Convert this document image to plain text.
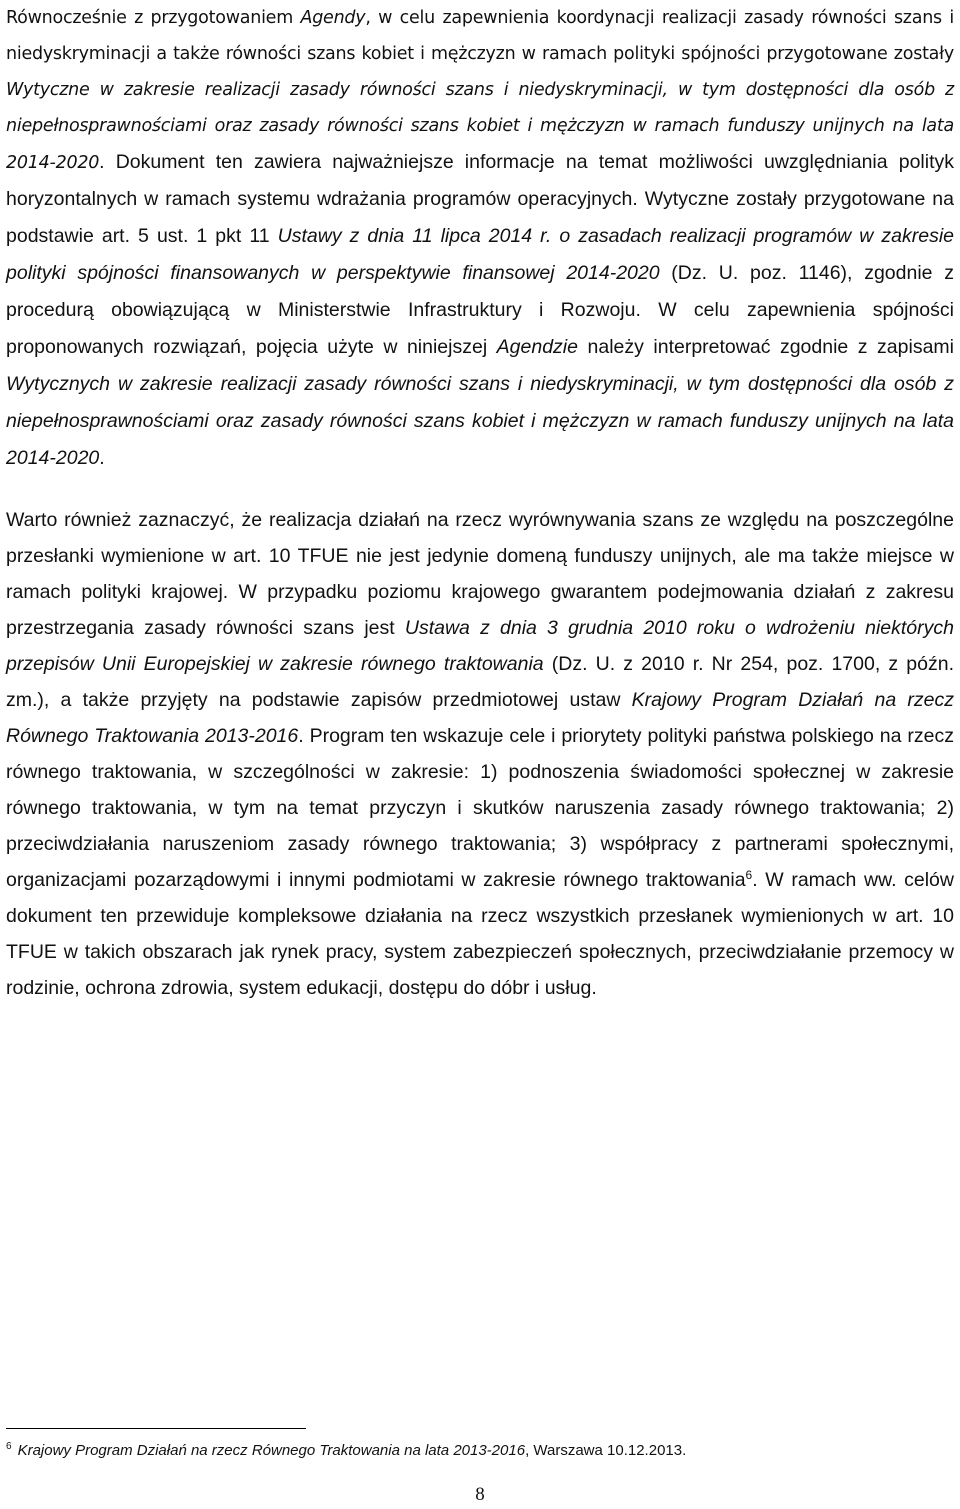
Równocześnie z przygotowaniem Agendy, w celu zapewnienia koordynacji realizacji zasady równości szans i niedyskryminacji a także równości szans kobiet i mężczyzn w ramach polityki spójności przygotowane zostały Wytyczne w zakresie realizacji zasady równości szans i niedyskryminacji, w tym dostępności dla osób z niepełnosprawnościami oraz zasady równości szans kobiet i mężczyzn w ramach funduszy unijnych na lata 2014-2020. Dokument ten zawiera najważniejsze informacje na temat możliwości uwzględniania polityk horyzontalnych w ramach systemu wdrażania programów operacyjnych. Wytyczne zostały przygotowane na podstawie art. 5 ust. 1 pkt 11 Ustawy z dnia 11 lipca 2014 r. o zasadach realizacji programów w zakresie polityki spójności finansowanych w perspektywie finansowej 2014-2020 (Dz. U. poz. 1146), zgodnie z procedurą obowiązującą w Ministerstwie Infrastruktury i Rozwoju. W celu zapewnienia spójności proponowanych rozwiązań, pojęcia użyte w niniejszej Agendzie należy interpretować zgodnie z zapisami Wytycznych w zakresie realizacji zasady równości szans i niedyskryminacji, w tym dostępności dla osób z niepełnosprawnościami oraz zasady równości szans kobiet i mężczyzn w ramach funduszy unijnych na lata 2014-2020.

Warto również zaznaczyć, że realizacja działań na rzecz wyrównywania szans ze względu na poszczególne przesłanki wymienione w art. 10 TFUE nie jest jedynie domeną funduszy unijnych, ale ma także miejsce w ramach polityki krajowej. W przypadku poziomu krajowego gwarantem podejmowania działań z zakresu przestrzegania zasady równości szans jest Ustawa z dnia 3 grudnia 2010 roku o wdrożeniu niektórych przepisów Unii Europejskiej w zakresie równego traktowania (Dz. U. z 2010 r. Nr 254, poz. 1700, z późn. zm.), a także przyjęty na podstawie zapisów przedmiotowej ustaw Krajowy Program Działań na rzecz Równego Traktowania 2013-2016. Program ten wskazuje cele i priorytety polityki państwa polskiego na rzecz równego traktowania, w szczególności w zakresie: 1) podnoszenia świadomości społecznej w zakresie równego traktowania, w tym na temat przyczyn i skutków naruszenia zasady równego traktowania; 2) przeciwdziałania naruszeniom zasady równego traktowania; 3) współpracy z partnerami społecznymi, organizacjami pozarządowymi i innymi podmiotami w zakresie równego traktowania$^6$. W ramach ww. celów dokument ten przewiduje kompleksowe działania na rzecz wszystkich przesłanek wymienionych w art. 10 TFUE w takich obszarach jak rynek pracy, system zabezpieczeń społecznych, przeciwdziałanie przemocy w rodzinie, ochrona zdrowia, system edukacji, dostępu do dóbr i usług.

$^6$ Krajowy Program Działań na rzecz Równego Traktowania na lata 2013-2016, Warszawa 10.12.2013.

8
